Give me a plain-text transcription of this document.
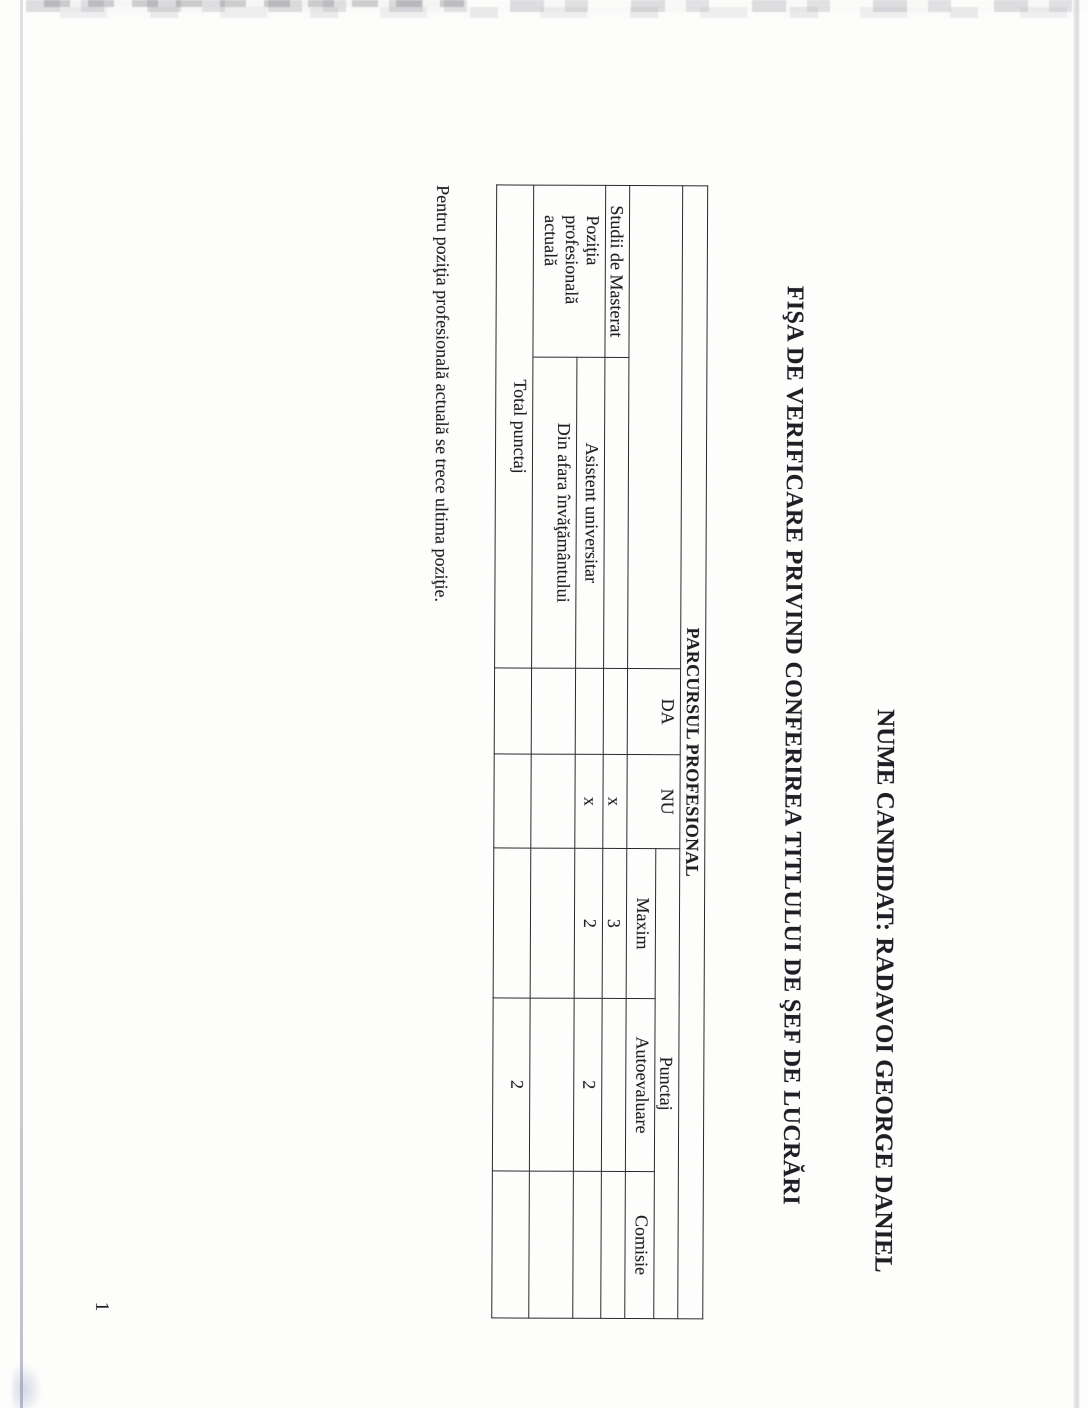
NUME CANDIDAT: RADAVOI GEORGE DANIEL
FIŞA DE VERIFICARE PRIVIND CONFERIREA TITLULUI DE ŞEF DE LUCRĂRI
PARCURSUL PROFESIONAL						
		DA	NU	Punctaj		
				Maxim	Autoevaluare	Comisie
Studii de Masterat			x	3		
Poziţia profesională actuală	Asistent universitar		x	2	2	
	Din afara învăţământului					
Total punctaj					2	
Pentru poziţia profesională actuală se trece ultima poziţie.
1
